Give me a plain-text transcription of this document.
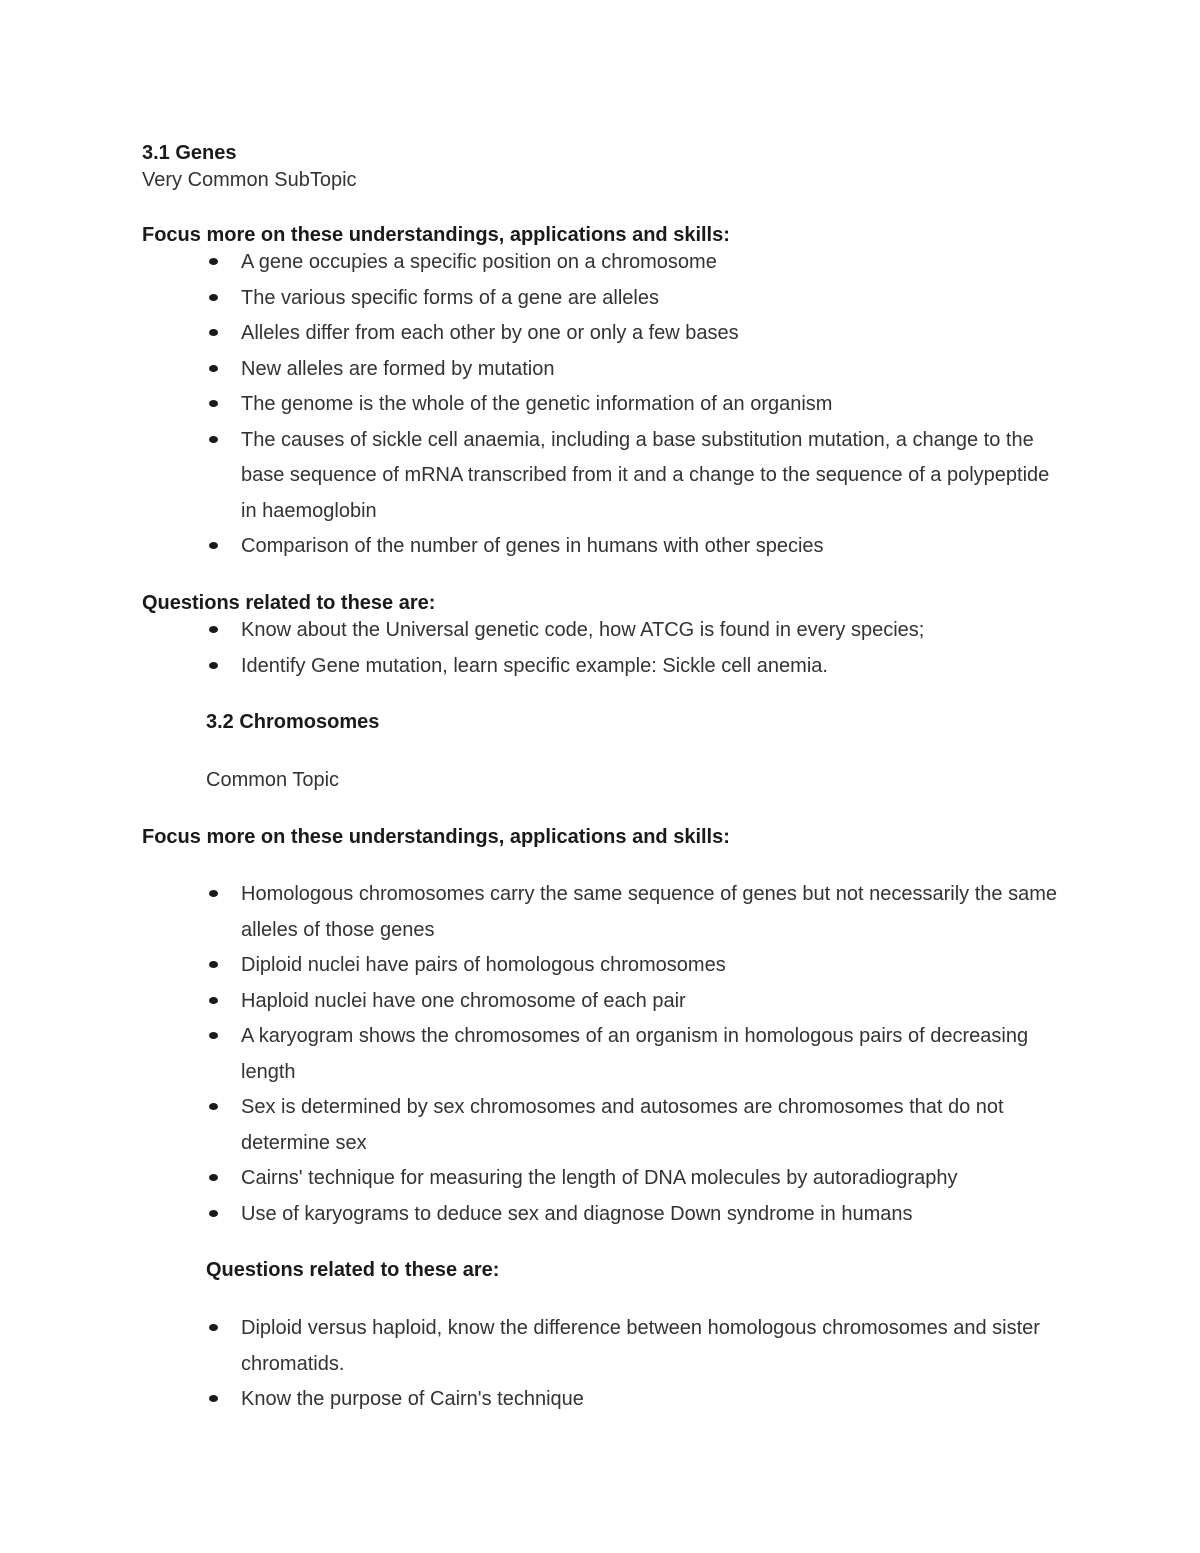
3.1 Genes
Very Common SubTopic
Focus more on these understandings, applications and skills:
A gene occupies a specific position on a chromosome
The various specific forms of a gene are alleles
Alleles differ from each other by one or only a few bases
New alleles are formed by mutation
The genome is the whole of the genetic information of an organism
The causes of sickle cell anaemia, including a base substitution mutation, a change to the base sequence of mRNA transcribed from it and a change to the sequence of a polypeptide in haemoglobin
Comparison of the number of genes in humans with other species
Questions related to these are:
Know about the Universal genetic code, how ATCG is found in every species;
Identify Gene mutation, learn specific example: Sickle cell anemia.
3.2 Chromosomes
Common Topic
Focus more on these understandings, applications and skills:
Homologous chromosomes carry the same sequence of genes but not necessarily the same alleles of those genes
Diploid nuclei have pairs of homologous chromosomes
Haploid nuclei have one chromosome of each pair
A karyogram shows the chromosomes of an organism in homologous pairs of decreasing length
Sex is determined by sex chromosomes and autosomes are chromosomes that do not determine sex
Cairns' technique for measuring the length of DNA molecules by autoradiography
Use of karyograms to deduce sex and diagnose Down syndrome in humans
Questions related to these are:
Diploid versus haploid, know the difference between homologous chromosomes and sister chromatids.
Know the purpose of Cairn's technique
